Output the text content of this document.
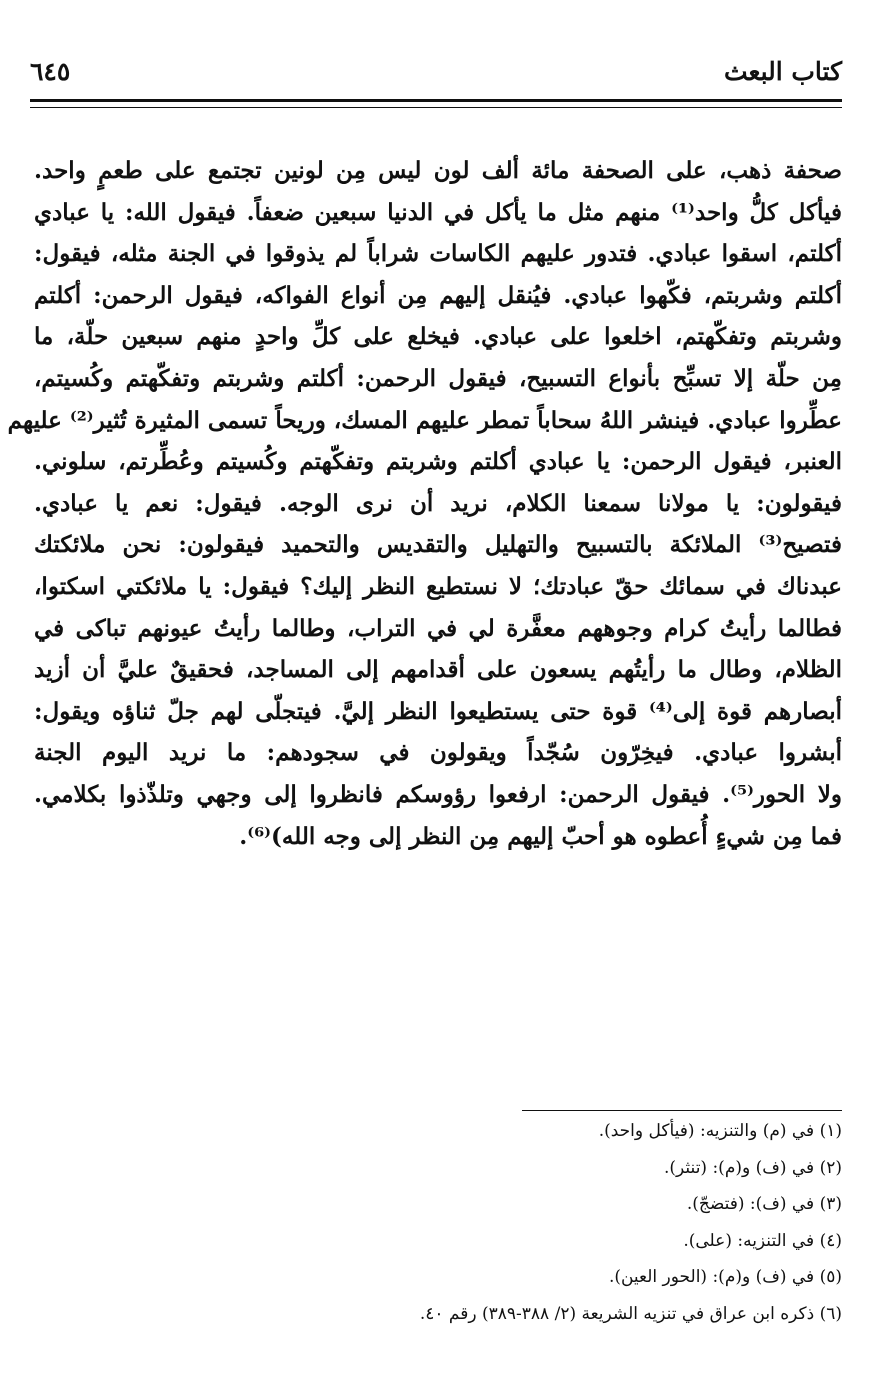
كتاب البعث
٦٤٥
صحفة ذهب، على الصحفة مائة ألف لون ليس مِن لونين تجتمع على طعمٍ واحد.
فيأكل كلُّ واحد⁽¹⁾ منهم مثل ما يأكل في الدنيا سبعين ضعفاً. فيقول الله: يا عبادي
أكلتم، اسقوا عبادي. فتدور عليهم الكاسات شراباً لم يذوقوا في الجنة مثله، فيقول:
أكلتم وشربتم، فكّهوا عبادي. فيُنقل إليهم مِن أنواع الفواكه، فيقول الرحمن: أكلتم
وشربتم وتفكّهتم، اخلعوا على عبادي. فيخلع على كلِّ واحدٍ منهم سبعين حلّة، ما
مِن حلّة إلا تسبِّح بأنواع التسبيح، فيقول الرحمن: أكلتم وشربتم وتفكّهتم وكُسيتم،
عطِّروا عبادي. فينشر اللهُ سحاباً تمطر عليهم المسك، وريحاً تسمى المثيرة تُثير⁽²⁾ عليهم
العنبر، فيقول الرحمن: يا عبادي أكلتم وشربتم وتفكّهتم وكُسيتم وعُطِّرتم، سلوني.
فيقولون: يا مولانا سمعنا الكلام، نريد أن نرى الوجه. فيقول: نعم يا عبادي.
فتصيح⁽³⁾ الملائكة بالتسبيح والتهليل والتقديس والتحميد فيقولون: نحن ملائكتك
عبدناك في سمائك حقّ عبادتك؛ لا نستطيع النظر إليك؟ فيقول: يا ملائكتي اسكتوا،
فطالما رأيتُ كرام وجوههم معفَّرة لي في التراب، وطالما رأيتُ عيونهم تباكى في
الظلام، وطال ما رأيتُهم يسعون على أقدامهم إلى المساجد، فحقيقٌ عليَّ أن أزيد
أبصارهم قوة إلى⁽⁴⁾ قوة حتى يستطيعوا النظر إليَّ. فيتجلّى لهم جلّ ثناؤه ويقول:
أبشروا عبادي. فيخِرّون سُجّداً ويقولون في سجودهم: ما نريد اليوم الجنة
ولا الحور⁽⁵⁾. فيقول الرحمن: ارفعوا رؤوسكم فانظروا إلى وجهي وتلذّذوا بكلامي.
فما مِن شيءٍ أُعطوه هو أحبّ إليهم مِن النظر إلى وجه الله)⁽⁶⁾.
(١) في (م) والتنزيه: (فيأكل واحد).
(٢) في (ف) و(م): (تنثر).
(٣) في (ف): (فتضجّ).
(٤) في التنزيه: (على).
(٥) في (ف) و(م): (الحور العين).
(٦) ذكره ابن عراق في تنزيه الشريعة (٢/ ٣٨٨-٣٨٩) رقم ٤٠.
